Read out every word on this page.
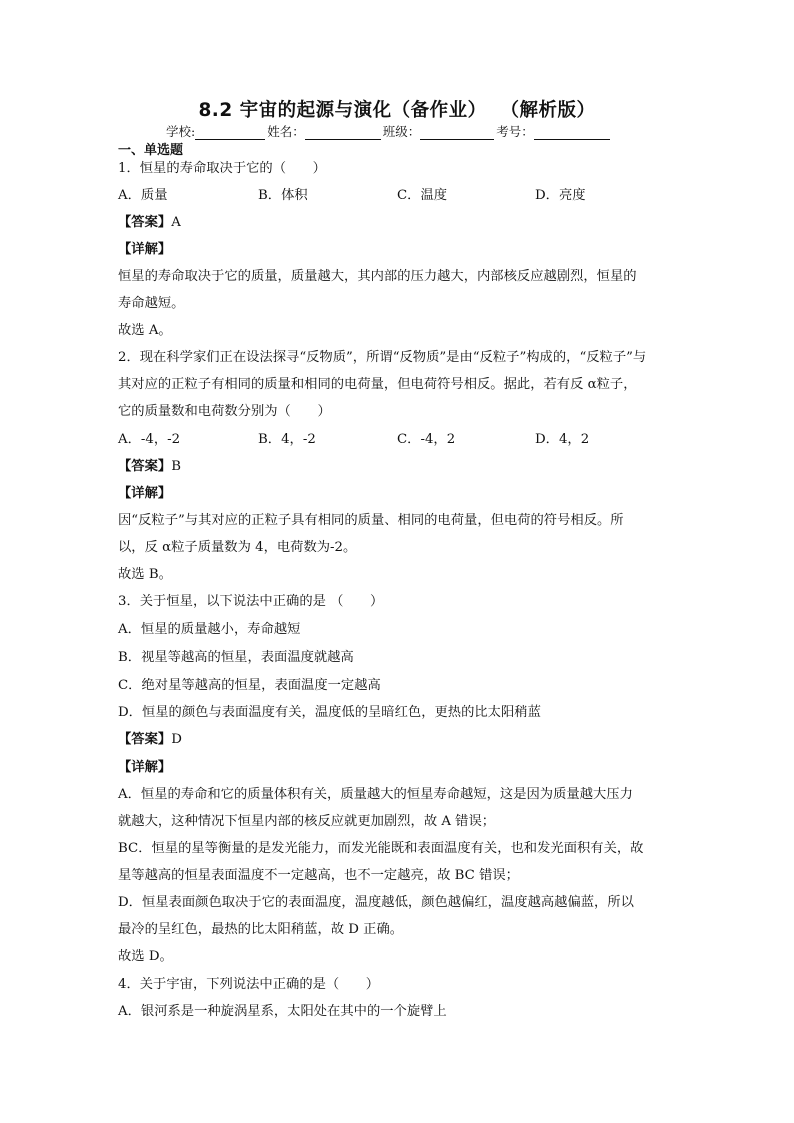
8.2 宇宙的起源与演化（备作业） （解析版）
学校:	姓名：	班级：	考号：
一、单选题
1．恒星的寿命取决于它的（　　）
A．质量	B．体积	C．温度	D．亮度
【答案】A
【详解】
恒星的寿命取决于它的质量，质量越大，其内部的压力越大，内部核反应越剧烈，恒星的
寿命越短。
故选 A。
2．现在科学家们正在设法探寻“反物质”，所谓“反物质”是由“反粒子”构成的，“反粒子”与
其对应的正粒子有相同的质量和相同的电荷量，但电荷符号相反。据此，若有反 α粒子，
它的质量数和电荷数分别为（　　）
A．-4，-2	B．4，-2	C．-4，2	D．4，2
【答案】B
【详解】
因“反粒子”与其对应的正粒子具有相同的质量、相同的电荷量，但电荷的符号相反。所
以，反 α粒子质量数为 4，电荷数为-2。
故选 B。
3．关于恒星，以下说法中正确的是 （　　）
A．恒星的质量越小，寿命越短
B．视星等越高的恒星，表面温度就越高
C．绝对星等越高的恒星，表面温度一定越高
D．恒星的颜色与表面温度有关，温度低的呈暗红色，更热的比太阳稍蓝
【答案】D
【详解】
A．恒星的寿命和它的质量体积有关，质量越大的恒星寿命越短，这是因为质量越大压力
就越大，这种情况下恒星内部的核反应就更加剧烈，故 A 错误；
BC．恒星的星等衡量的是发光能力，而发光能既和表面温度有关，也和发光面积有关，故
星等越高的恒星表面温度不一定越高，也不一定越亮，故 BC 错误；
D．恒星表面颜色取决于它的表面温度，温度越低，颜色越偏红，温度越高越偏蓝，所以
最冷的呈红色，最热的比太阳稍蓝，故 D 正确。
故选 D。
4．关于宇宙，下列说法中正确的是（　　）
A．银河系是一种旋涡星系，太阳处在其中的一个旋臂上
